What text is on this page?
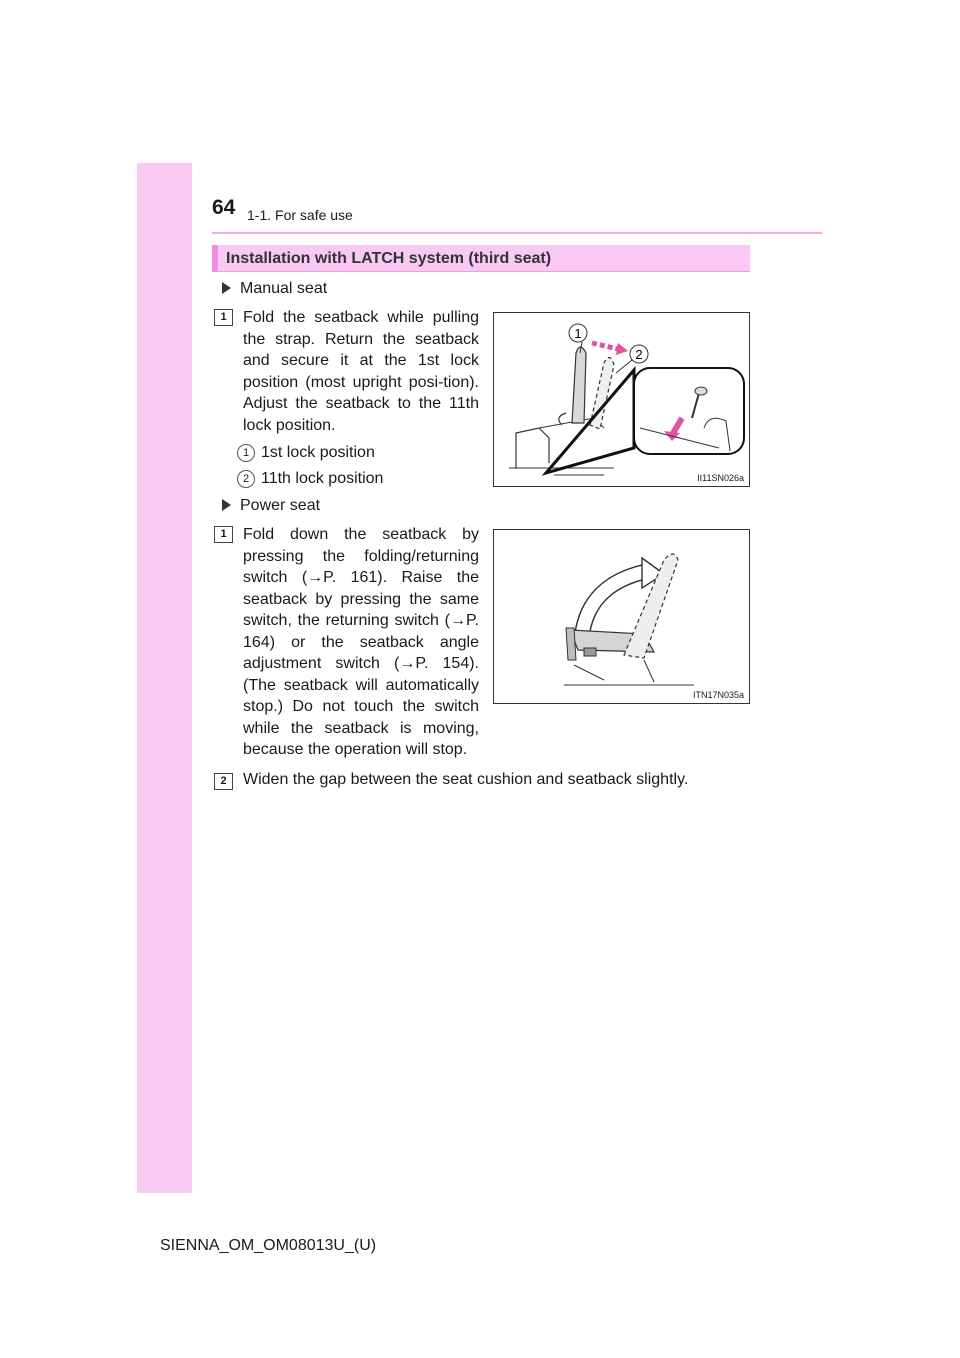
64 1-1. For safe use
Installation with LATCH system (third seat)
Manual seat
1	Fold the seatback while pulling the strap. Return the seatback and secure it at the 1st lock position (most upright posi-tion). Adjust the seatback to the 11th lock position.
1 1st lock position
2 11th lock position
1
2
II11SN026a
Power seat
1	Fold down the seatback by pressing the folding/returning switch (→P. 161). Raise the seatback by pressing the same switch, the returning switch (→P. 164) or the seatback angle adjustment switch (→P. 154). (The seatback will automatically stop.) Do not touch the switch while the seatback is moving, because the operation will stop.
ITN17N035a
2	Widen the gap between the seat cushion and seatback slightly.
SIENNA_OM_OM08013U_(U)
